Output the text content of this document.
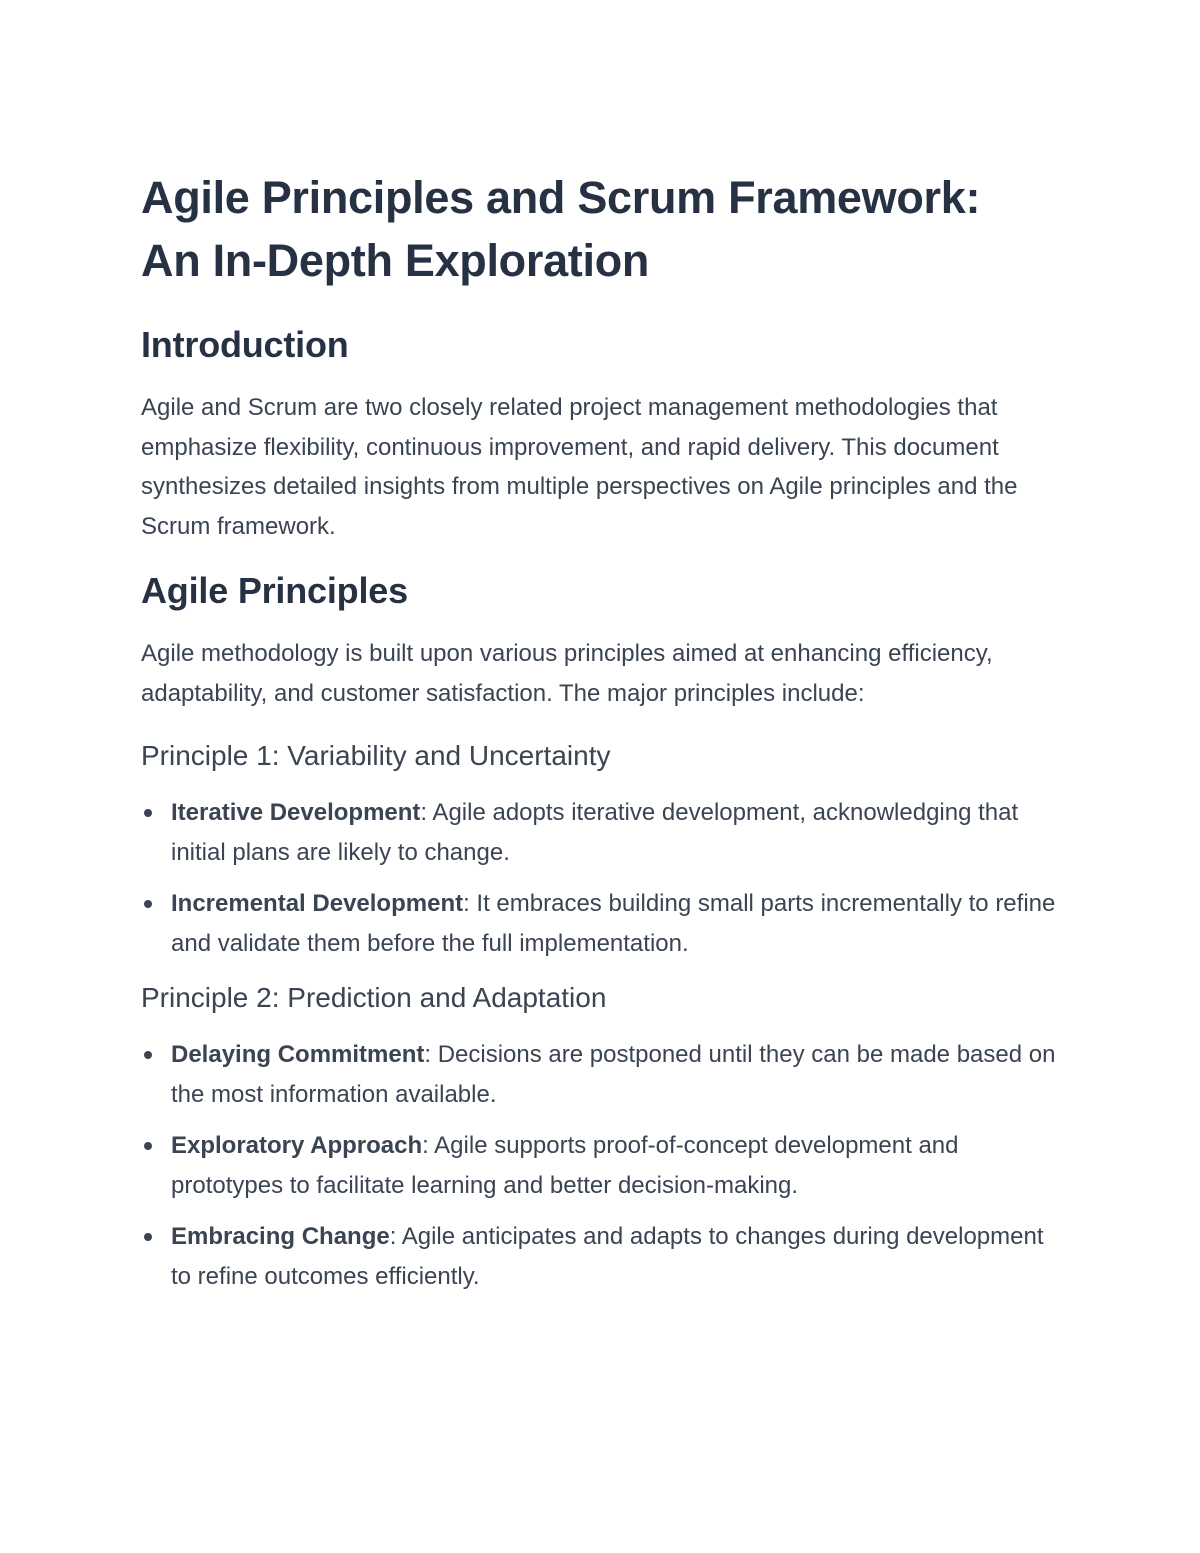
Agile Principles and Scrum Framework:
An In-Depth Exploration
Introduction

Agile and Scrum are two closely related project management methodologies that emphasize flexibility, continuous improvement, and rapid delivery. This document synthesizes detailed insights from multiple perspectives on Agile principles and the Scrum framework.

Agile Principles

Agile methodology is built upon various principles aimed at enhancing efficiency, adaptability, and customer satisfaction. The major principles include:

Principle 1: Variability and Uncertainty
Iterative Development: Agile adopts iterative development, acknowledging that initial plans are likely to change.
Incremental Development: It embraces building small parts incrementally to refine and validate them before the full implementation.
Principle 2: Prediction and Adaptation
Delaying Commitment: Decisions are postponed until they can be made based on the most information available.
Exploratory Approach: Agile supports proof-of-concept development and prototypes to facilitate learning and better decision-making.
Embracing Change: Agile anticipates and adapts to changes during development to refine outcomes efficiently.
